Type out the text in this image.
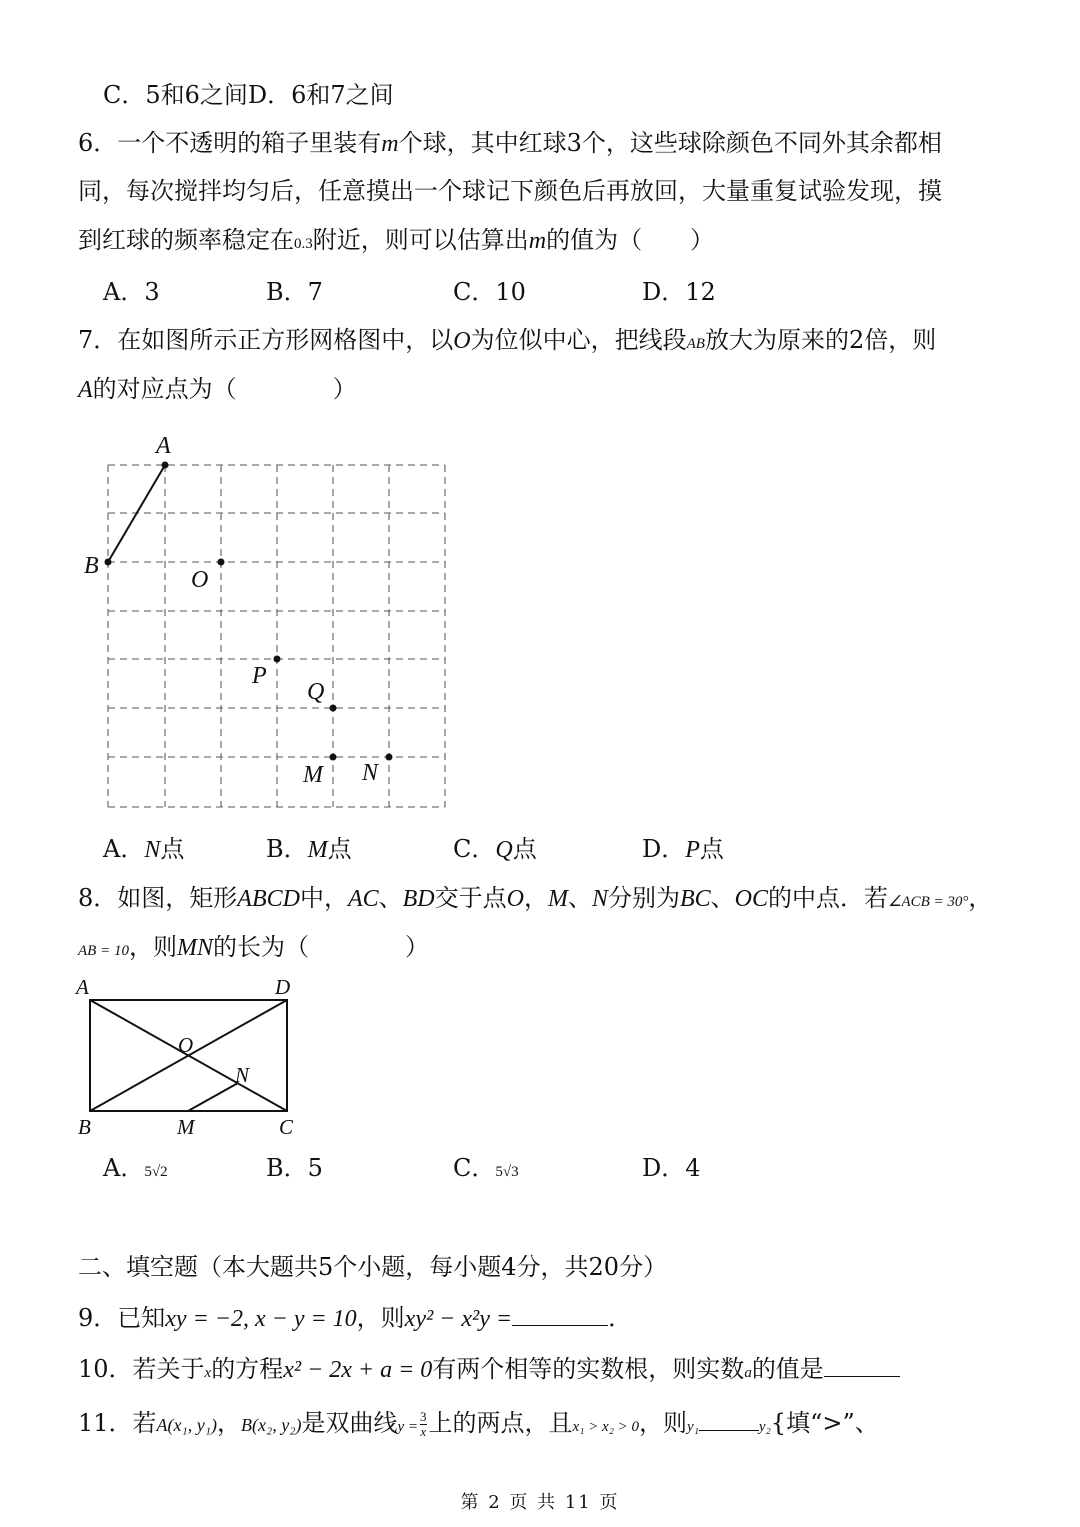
C．5和6之间D．6和7之间
6．一个不透明的箱子里装有m个球，其中红球3个，这些球除颜色不同外其余都相
同，每次搅拌均匀后，任意摸出一个球记下颜色后再放回，大量重复试验发现，摸
到红球的频率稳定在0.3附近，则可以估算出m的值为（　　）
A．3	B．7	C．10	D．12
7．在如图所示正方形网格图中，以O为位似中心，把线段AB放大为原来的2倍，则
A的对应点为（　　　　）
A
B
O
P
Q
M N
A．N点	B．M点	C．Q点	D．P点
8．如图，矩形ABCD中，AC、BD交于点O，M、N分别为BC、OC的中点．若∠ACB = 30°，
AB = 10，则MN的长为（　　　　）
A	D
O
N
B	M	C
A．5√2	B．5	C．5√3	D．4
二、填空题（本大题共5个小题，每小题4分，共20分）
9．已知xy = −2, x − y = 10，则xy² − x²y =	．
10．若关于x的方程x² − 2x + a = 0有两个相等的实数根，则实数a的值是
11．若A(x₁, y₁)，B(x₂, y₂)是双曲线$y = \frac{3}{x}$ 上的两点，且x₁ > x₂ > 0，则y₁	y₂{填“>”、
第 2 页 共 11 页
